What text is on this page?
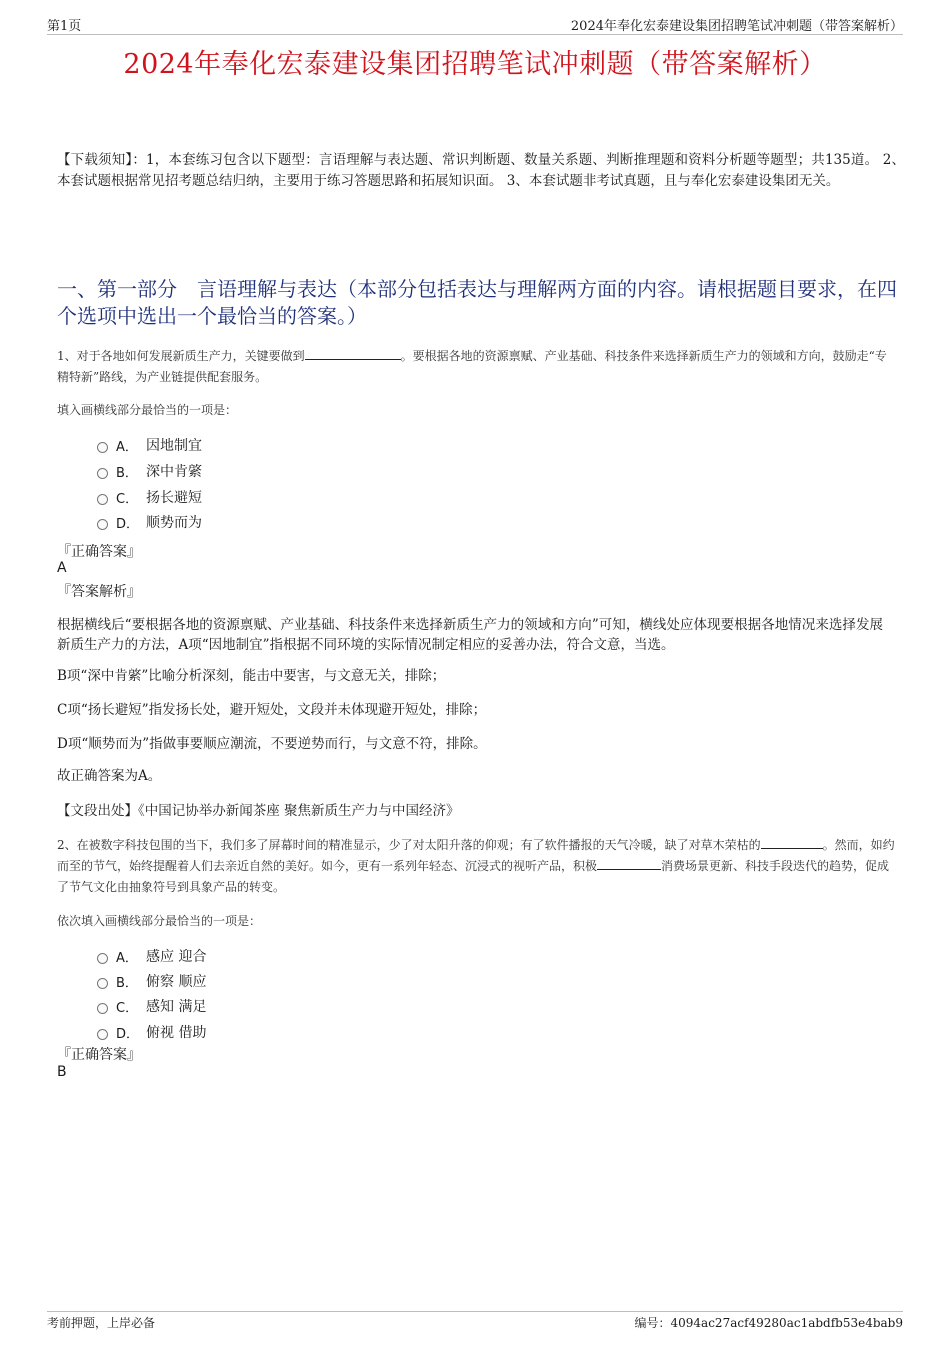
第1页	2024年奉化宏泰建设集团招聘笔试冲刺题（带答案解析）
2024年奉化宏泰建设集团招聘笔试冲刺题（带答案解析）
【下载须知】：1，本套练习包含以下题型：言语理解与表达题、常识判断题、数量关系题、判断推理题和资料分析题等题型；共135道。 2、本套试题根据常见招考题总结归纳，主要用于练习答题思路和拓展知识面。 3、本套试题非考试真题，且与奉化宏泰建设集团无关。
一、第一部分　言语理解与表达（本部分包括表达与理解两方面的内容。请根据题目要求，在四个选项中选出一个最恰当的答案。）
1、对于各地如何发展新质生产力，关键要做到	。要根据各地的资源禀赋、产业基础、科技条件来选择新质生产力的领域和方向，鼓励走“专精特新”路线，为产业链提供配套服务。
填入画横线部分最恰当的一项是：
A． 因地制宜
B． 深中肯綮
C． 扬长避短
D． 顺势而为
『正确答案』
A
『答案解析』
根据横线后“要根据各地的资源禀赋、产业基础、科技条件来选择新质生产力的领域和方向”可知，横线处应体现要根据各地情况来选择发展新质生产力的方法，A项“因地制宜”指根据不同环境的实际情况制定相应的妥善办法，符合文意，当选。
B项“深中肯綮”比喻分析深刻，能击中要害，与文意无关，排除；
C项“扬长避短”指发扬长处，避开短处，文段并未体现避开短处，排除；
D项“顺势而为”指做事要顺应潮流，不要逆势而行，与文意不符，排除。
故正确答案为A。
【文段出处】《中国记协举办新闻茶座 聚焦新质生产力与中国经济》
2、在被数字科技包围的当下，我们多了屏幕时间的精准显示，少了对太阳升落的仰观；有了软件播报的天气冷暖，缺了对草木荣枯的	。然而，如约而至的节气，始终提醒着人们去亲近自然的美好。如今，更有一系列年轻态、沉浸式的视听产品，积极	消费场景更新、科技手段迭代的趋势，促成了节气文化由抽象符号到具象产品的转变。
依次填入画横线部分最恰当的一项是：
A． 感应 迎合
B． 俯察 顺应
C． 感知 满足
D． 俯视 借助
『正确答案』
B
考前押题，上岸必备	编号：4094ac27acf49280ac1abdfb53e4bab9
